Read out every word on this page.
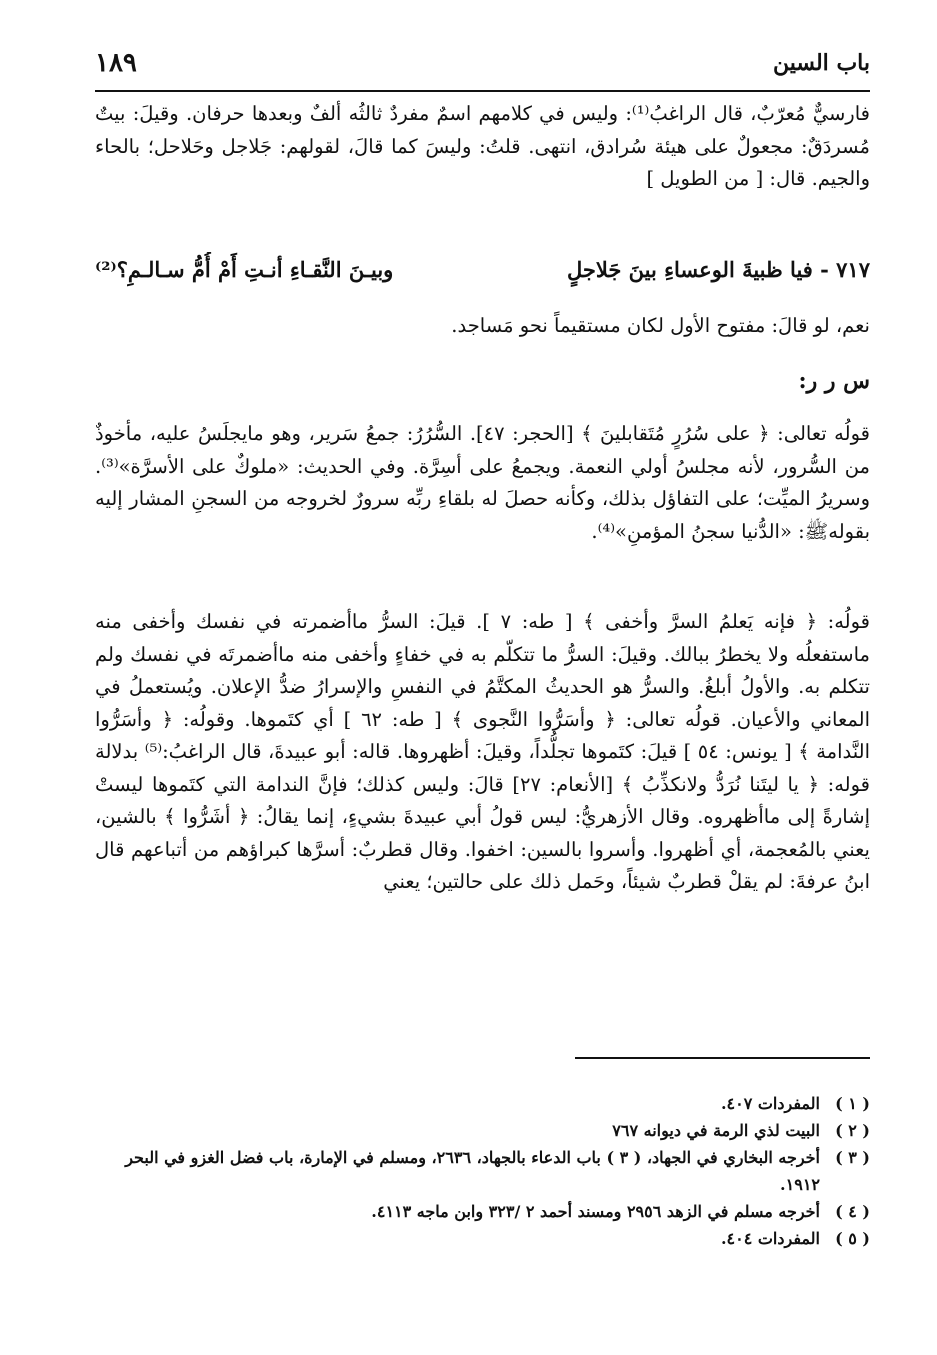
باب السين
١٨٩
فارسيٌّ مُعرّبٌ، قال الراغبُ⁽¹⁾: وليس في كلامهم اسمٌ مفردٌ ثالثُه ألفٌ وبعدها حرفان. وقيلَ: بيتٌ مُسردَقٌ: مجعولٌ على هيئة سُرادق، انتهى. قلتُ: وليسَ كما قالَ، لقولهم: جَلاجل وحَلاحل؛ بالحاء والجيم. قال: [ من الطويل ]
٧١٧ - فيا ظبيةَ الوعساءِ بينَ جَلاجلٍ
وبيـنَ النَّقـاءِ أنـتِ أَمْ أُمُّ سـالـمِ؟⁽²⁾
نعم، لو قالَ: مفتوح الأول لكان مستقيماً نحو مَساجد.
س ر ر:
قولُه تعالى: ﴿ على سُرُرٍ مُتَقابلينَ ﴾ [الحجر: ٤٧]. السُّرُرُ: جمعُ سَرير، وهو مايجلَسُ عليه، مأخوذٌ من السُّرور، لأنه مجلسُ أولي النعمة. ويجمعُ على أسِرَّة. وفي الحديث: «ملوكٌ على الأسرَّة»⁽³⁾. وسريرُ الميِّت؛ على التفاؤل بذلك، وكأنه حصلَ له بلقاءِ ربِّه سرورٌ لخروجه من السجنِ المشار إليه بقولهﷺ: «الدُّنيا سجنُ المؤمنِ»⁽⁴⁾.
قولُه: ﴿ فإنه يَعلمُ السرَّ وأخفى ﴾ [ طه: ٧ ]. قيلَ: السرُّ ماأضمرته في نفسك وأخفى منه ماستفعلُه ولا يخطرُ ببالك. وقيلَ: السرُّ ما تتكلّم به في خفاءٍ وأخفى منه ماأضمرتَه في نفسك ولم تتكلم به. والأولُ أبلغُ. والسرُّ هو الحديثُ المكتَّمُ في النفسِ والإسرارُ ضدُّ الإعلان. ويُستعملُ في المعاني والأعيان. قولُه تعالى: ﴿ وأسَرُّوا النَّجوى ﴾ [ طه: ٦٢ ] أي كتَموها. وقولُه: ﴿ وأسَرُّوا النَّدامة ﴾ [ يونس: ٥٤ ] قيلَ: كتَموها تجلُّداً، وقيلَ: أظهروها. قاله: أبو عبيدةَ، قال الراغبُ:⁽⁵⁾ بدلالة قوله: ﴿ يا ليتَنا نُرَدُّ ولانكذِّبُ ﴾ [الأنعام: ٢٧] قالَ: وليس كذلك؛ فإنَّ الندامة التي كتَموها ليستْ إشارةً إلى ماأظهروه. وقال الأزهريُّ: ليس قولُ أبي عبيدةَ بشيءٍ، إنما يقالُ: ﴿ أشَرُّوا ﴾ بالشين، يعني بالمُعجمة، أي أظهروا. وأسروا بالسين: اخفوا. وقال قطربٌ: أسرَّها كبراؤهم من أتباعهم قال ابنُ عرفةَ: لم يقلْ قطربٌ شيئاً، وحَمل ذلك على حالتين؛ يعني
( ١ )
المفردات ٤٠٧.
( ٢ )
البيت لذي الرمة في ديوانه ٧٦٧
( ٣ )
أخرجه البخاري في الجهاد، ( ٣ ) باب الدعاء بالجهاد، ٢٦٣٦، ومسلم في الإمارة، باب فضل الغزو في البحر ١٩١٢.
( ٤ )
أخرجه مسلم في الزهد ٢٩٥٦ ومسند أحمد ٢ /٣٢٣ وابن ماجه ٤١١٣.
( ٥ )
المفردات ٤٠٤.
